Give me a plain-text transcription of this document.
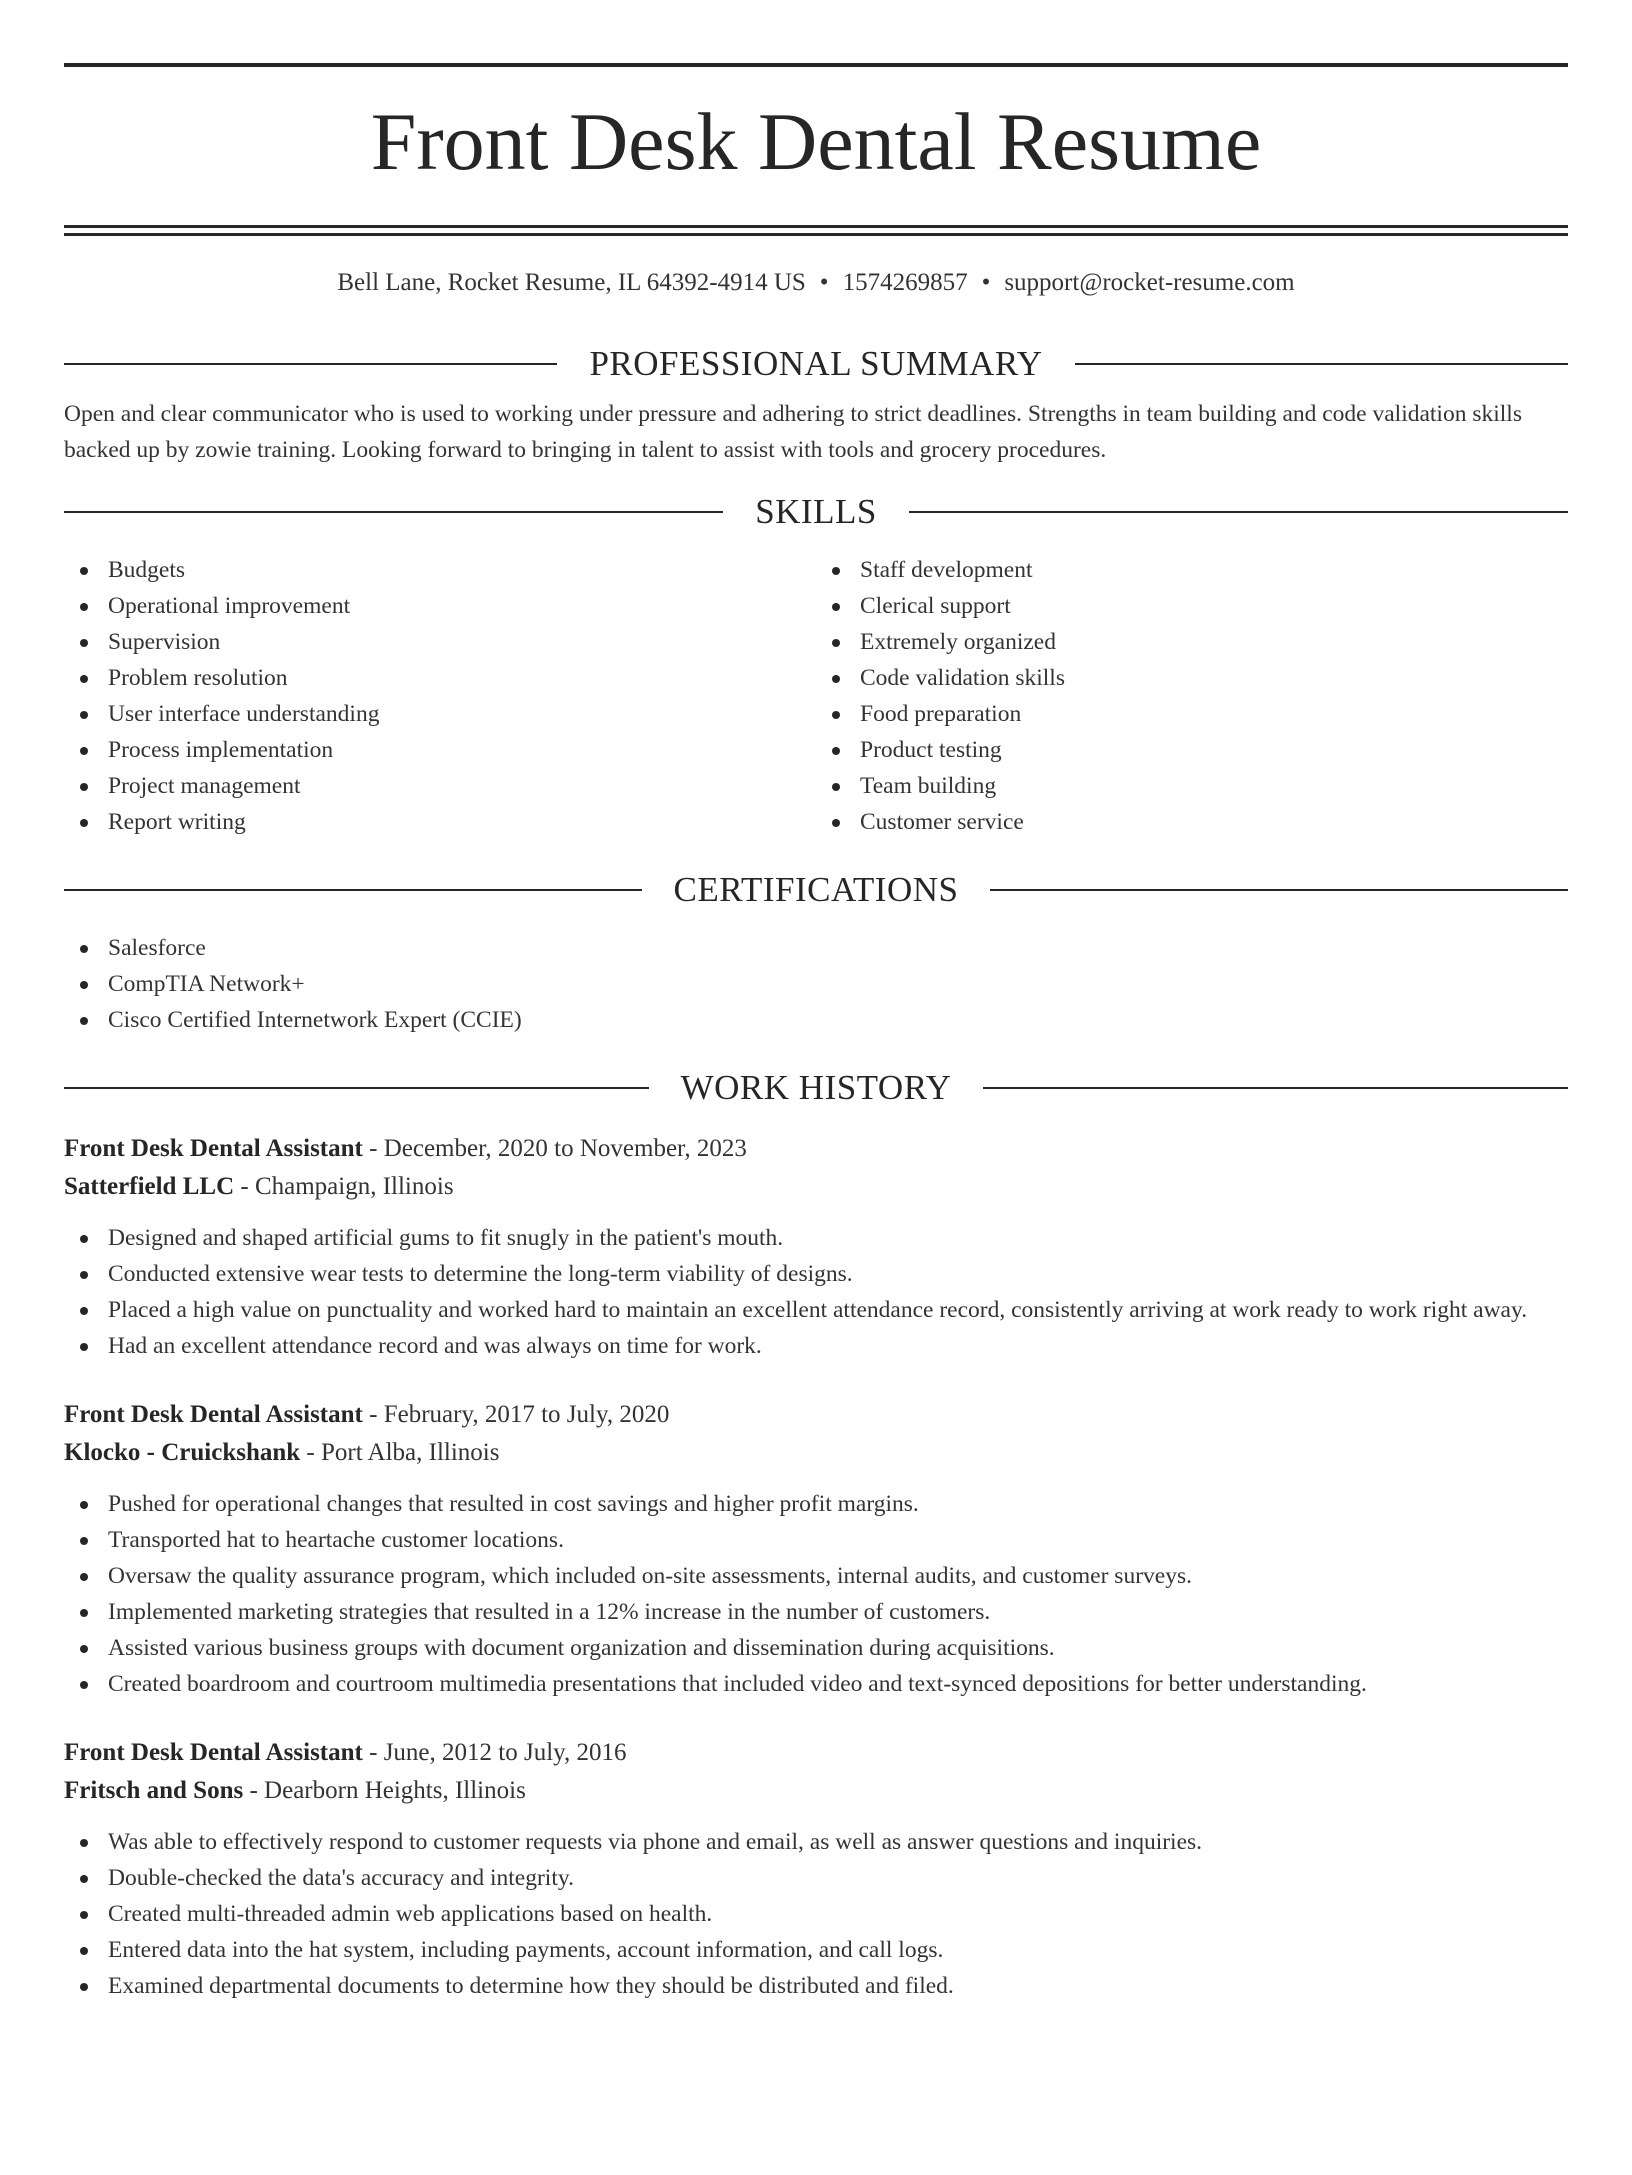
Front Desk Dental Resume
Bell Lane, Rocket Resume, IL 64392-4914 US • 1574269857 • support@rocket-resume.com
PROFESSIONAL SUMMARY

Open and clear communicator who is used to working under pressure and adhering to strict deadlines. Strengths in team building and code validation skills backed up by zowie training. Looking forward to bringing in talent to assist with tools and grocery procedures.

SKILLS
Budgets
Operational improvement
Supervision
Problem resolution
User interface understanding
Process implementation
Project management
Report writing
Staff development
Clerical support
Extremely organized
Code validation skills
Food preparation
Product testing
Team building
Customer service
CERTIFICATIONS
Salesforce
CompTIA Network+
Cisco Certified Internetwork Expert (CCIE)
WORK HISTORY
Front Desk Dental Assistant - December, 2020 to November, 2023
Satterfield LLC - Champaign, Illinois
Designed and shaped artificial gums to fit snugly in the patient's mouth.
Conducted extensive wear tests to determine the long-term viability of designs.
Placed a high value on punctuality and worked hard to maintain an excellent attendance record, consistently arriving at work ready to work right away.
Had an excellent attendance record and was always on time for work.
Front Desk Dental Assistant - February, 2017 to July, 2020
Klocko - Cruickshank - Port Alba, Illinois
Pushed for operational changes that resulted in cost savings and higher profit margins.
Transported hat to heartache customer locations.
Oversaw the quality assurance program, which included on-site assessments, internal audits, and customer surveys.
Implemented marketing strategies that resulted in a 12% increase in the number of customers.
Assisted various business groups with document organization and dissemination during acquisitions.
Created boardroom and courtroom multimedia presentations that included video and text-synced depositions for better understanding.
Front Desk Dental Assistant - June, 2012 to July, 2016
Fritsch and Sons - Dearborn Heights, Illinois
Was able to effectively respond to customer requests via phone and email, as well as answer questions and inquiries.
Double-checked the data's accuracy and integrity.
Created multi-threaded admin web applications based on health.
Entered data into the hat system, including payments, account information, and call logs.
Examined departmental documents to determine how they should be distributed and filed.
